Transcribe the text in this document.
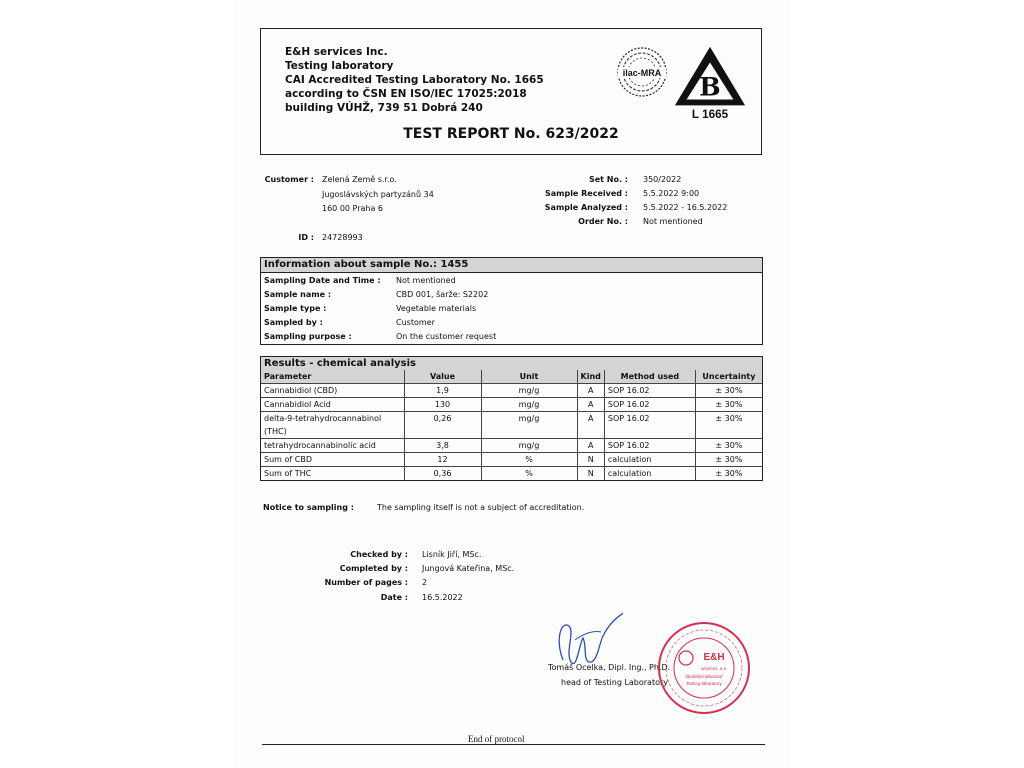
E&H services Inc.
Testing laboratory
CAI Accredited Testing Laboratory No. 1665
according to ČSN EN ISO/IEC 17025:2018
building VÚHŽ, 739 51 Dobrá 240
ilac-MRA B
L 1665
TEST REPORT No. 623/2022
Customer : Zelená Země s.r.o.
Jugoslávských partyzánů 34
160 00 Praha 6
ID : 24728993
Set No. : 350/2022
Sample Received : 5.5.2022 9:00
Sample Analyzed : 5.5.2022 - 16.5.2022
Order No. : Not mentioned
Information about sample No.: 1455
Sampling Date and Time :	Not mentioned
Sample name :	CBD 001, šarže: S2202
Sample type :	Vegetable materials
Sampled by :	Customer
Sampling purpose :	On the customer request
Results - chemical analysis
Parameter	Value	Unit	Kind	Method used	Uncertainty
Cannabidiol (CBD)	1,9	mg/g	A	SOP 16.02	± 30%
Cannabidiol Acid	130	mg/g	A	SOP 16.02	± 30%

delta-9-tetrahydrocannabinol
(THC)	0,26	mg/g	A	SOP 16.02	± 30%
tetrahydrocannabinolic acid	3,8	mg/g	A	SOP 16.02	± 30%
Sum of CBD	12	%	N	calculation	± 30%
Sum of THC	0,36	%	N	calculation	± 30%
Notice to sampling :	The sampling itself is not a subject of accreditation.
Checked by : Lisník Jiří, MSc.
Completed by : Jungová Kateřina, MSc.
Number of pages : 2
Date : 16.5.2022
Tomáš Ocelka, Dipl. Ing., Ph.D.
head of Testing Laboratory
E&H
services, a.s.
Zkušební laboratoř
Testing laboratory
End of protocol
